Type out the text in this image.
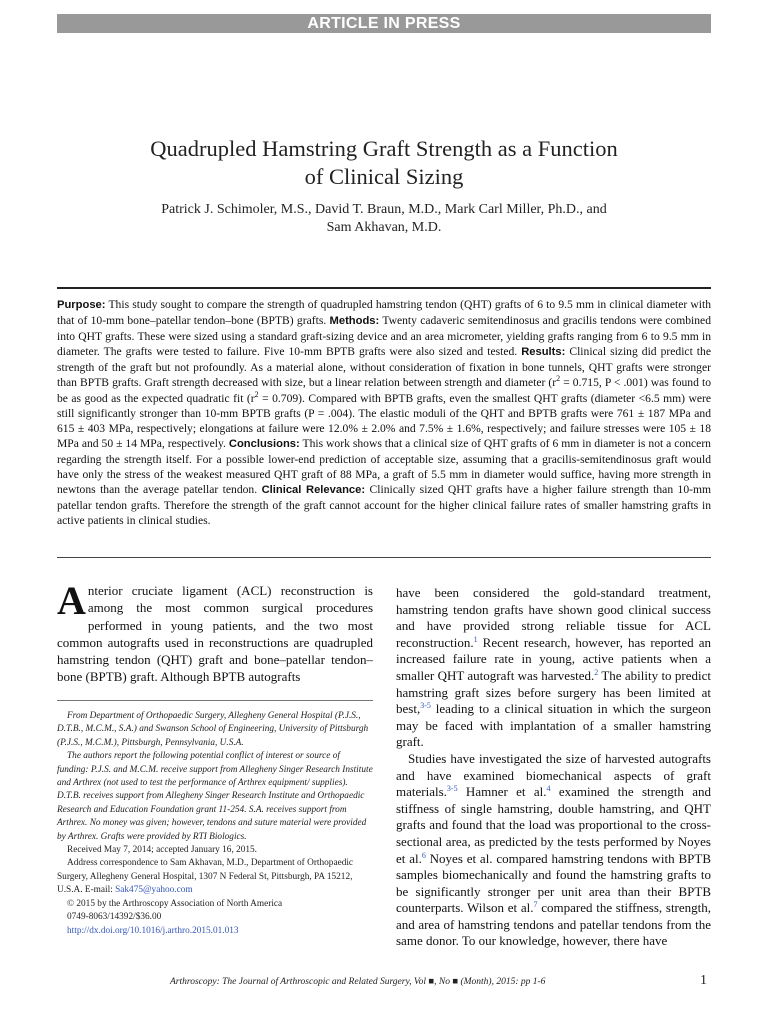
ARTICLE IN PRESS
Quadrupled Hamstring Graft Strength as a Function
of Clinical Sizing
Patrick J. Schimoler, M.S., David T. Braun, M.D., Mark Carl Miller, Ph.D., and
Sam Akhavan, M.D.
Purpose: This study sought to compare the strength of quadrupled hamstring tendon (QHT) grafts of 6 to 9.5 mm in clinical diameter with that of 10-mm bone–patellar tendon–bone (BPTB) grafts. Methods: Twenty cadaveric semitendinosus and gracilis tendons were combined into QHT grafts. These were sized using a standard graft-sizing device and an area micrometer, yielding grafts ranging from 6 to 9.5 mm in diameter. The grafts were tested to failure. Five 10-mm BPTB grafts were also sized and tested. Results: Clinical sizing did predict the strength of the graft but not profoundly. As a material alone, without consideration of fixation in bone tunnels, QHT grafts were stronger than BPTB grafts. Graft strength decreased with size, but a linear relation between strength and diameter ($r^2 = 0.715$, P < .001) was found to be as good as the expected quadratic fit $(r^2 = 0.709)$. Compared with BPTB grafts, even the smallest QHT grafts (diameter <6.5 mm) were still significantly stronger than 10-mm BPTB grafts (P = .004). The elastic moduli of the QHT and BPTB grafts were 761 ± 187 MPa and 615 ± 403 MPa, respectively; elongations at failure were 12.0% ± 2.0% and 7.5% ± 1.6%, respectively; and failure stresses were 105 ± 18 MPa and 50 ± 14 MPa, respectively. Conclusions: This work shows that a clinical size of QHT grafts of 6 mm in diameter is not a concern regarding the strength itself. For a possible lower-end prediction of acceptable size, assuming that a gracilis-semitendinosus graft would have only the stress of the weakest measured QHT graft of 88 MPa, a graft of 5.5 mm in diameter would suffice, having more strength in newtons than the average patellar tendon. Clinical Relevance: Clinically sized QHT grafts have a higher failure strength than 10-mm patellar tendon grafts. Therefore the strength of the graft cannot account for the higher clinical failure rates of smaller hamstring grafts in active patients in clinical studies.
Anterior cruciate ligament (ACL) reconstruction is among the most common surgical procedures performed in young patients, and the two most common autografts used in reconstructions are quadrupled hamstring tendon (QHT) graft and bone–patellar tendon–bone (BPTB) graft. Although BPTB autografts

From Department of Orthopaedic Surgery, Allegheny General Hospital (P.J.S., D.T.B., M.C.M., S.A.) and Swanson School of Engineering, University of Pittsburgh (P.J.S., M.C.M.), Pittsburgh, Pennsylvania, U.S.A.

The authors report the following potential conflict of interest or source of funding: P.J.S. and M.C.M. receive support from Allegheny Singer Research Institute and Arthrex (not used to test the performance of Arthrex equipment/ supplies). D.T.B. receives support from Allegheny Singer Research Institute and Orthopaedic Research and Education Foundation grant 11-254. S.A. receives support from Arthrex. No money was given; however, tendons and suture material were provided by Arthrex. Grafts were provided by RTI Biologics.

Received May 7, 2014; accepted January 16, 2015.

Address correspondence to Sam Akhavan, M.D., Department of Orthopaedic Surgery, Allegheny General Hospital, 1307 N Federal St, Pittsburgh, PA 15212, U.S.A. E-mail: Sak475@yahoo.com

© 2015 by the Arthroscopy Association of North America

0749-8063/14392/$36.00

http://dx.doi.org/10.1016/j.arthro.2015.01.013

have been considered the gold-standard treatment, hamstring tendon grafts have shown good clinical success and have provided strong reliable tissue for ACL reconstruction.$^1$ Recent research, however, has reported an increased failure rate in young, active patients when a smaller QHT autograft was harvested.$^2$ The ability to predict hamstring graft sizes before surgery has been limited at best,$^{3-5}$ leading to a clinical situation in which the surgeon may be faced with implantation of a smaller hamstring graft.

Studies have investigated the size of harvested autografts and have examined biomechanical aspects of graft materials.$^{3-5}$ Hamner et al.$^4$ examined the strength and stiffness of single hamstring, double hamstring, and QHT grafts and found that the load was proportional to the cross-sectional area, as predicted by the tests performed by Noyes et al.$^6$ Noyes et al. compared hamstring tendons with BPTB samples biomechanically and found the hamstring grafts to be significantly stronger per unit area than their BPTB counterparts. Wilson et al.$^7$ compared the stiffness, strength, and area of hamstring tendons and patellar tendons from the same donor. To our knowledge, however, there have

Arthroscopy: The Journal of Arthroscopic and Related Surgery, Vol ■, No ■ (Month), 2015: pp 1-6	1
